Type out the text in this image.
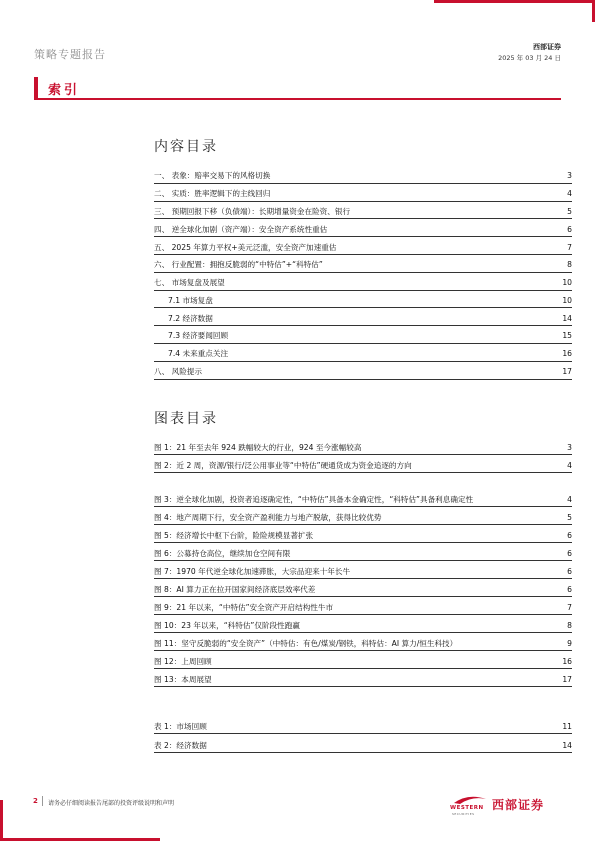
策略专题报告
西部证券
2025 年 03 月 24 日
索引
内容目录
一、 表象：赔率交易下的风格切换	3
二、 实质：胜率逻辑下的主线回归	4
三、 预期回报下移（负债端）：长期增量资金在险资、银行	5
四、 逆全球化加剧（资产端）：安全资产系统性重估	6
五、 2025 年算力平权+美元泛滥，安全资产加速重估	7
六、 行业配置：拥抱反脆弱的“中特估”+“科特估”	8
七、 市场复盘及展望	10
7.1 市场复盘	10
7.2 经济数据	14
7.3 经济要闻回顾	15
7.4 未来重点关注	16
八、 风险提示	17
图表目录
图 1：21 年至去年 924 跌幅较大的行业，924 至今涨幅较高	3
图 2：近 2 周，资源/银行/泛公用事业等“中特估”硬通货成为资金追逐的方向	4
图 3：逆全球化加剧，投资者追逐确定性，“中特估”具备本金确定性，“科特估”具备利息确定性	4
图 4：地产周期下行，安全资产盈利能力与地产脱敏，获得比较优势	5
图 5：经济增长中枢下台阶，险险规模显著扩张	6
图 6：公募持仓高位，继续加仓空间有限	6
图 7：1970 年代逆全球化加速滞胀，大宗品迎来十年长牛	6
图 8：AI 算力正在拉开国家间经济底层效率代差	6
图 9：21 年以来，“中特估”安全资产开启结构性牛市	7
图 10：23 年以来，“科特估”仅阶段性跑赢	8
图 11：坚守反脆弱的“安全资产”（中特估：有色/煤炭/钢铁，科特估：AI 算力/恒生科技）	9
图 12：上周回顾	16
图 13：本周展望	17
表 1：市场回顾	11
表 2：经济数据	14
2 请务必仔细阅读报告尾部的投资评级说明和声明
WESTERN
SECURITIES
西部证券
